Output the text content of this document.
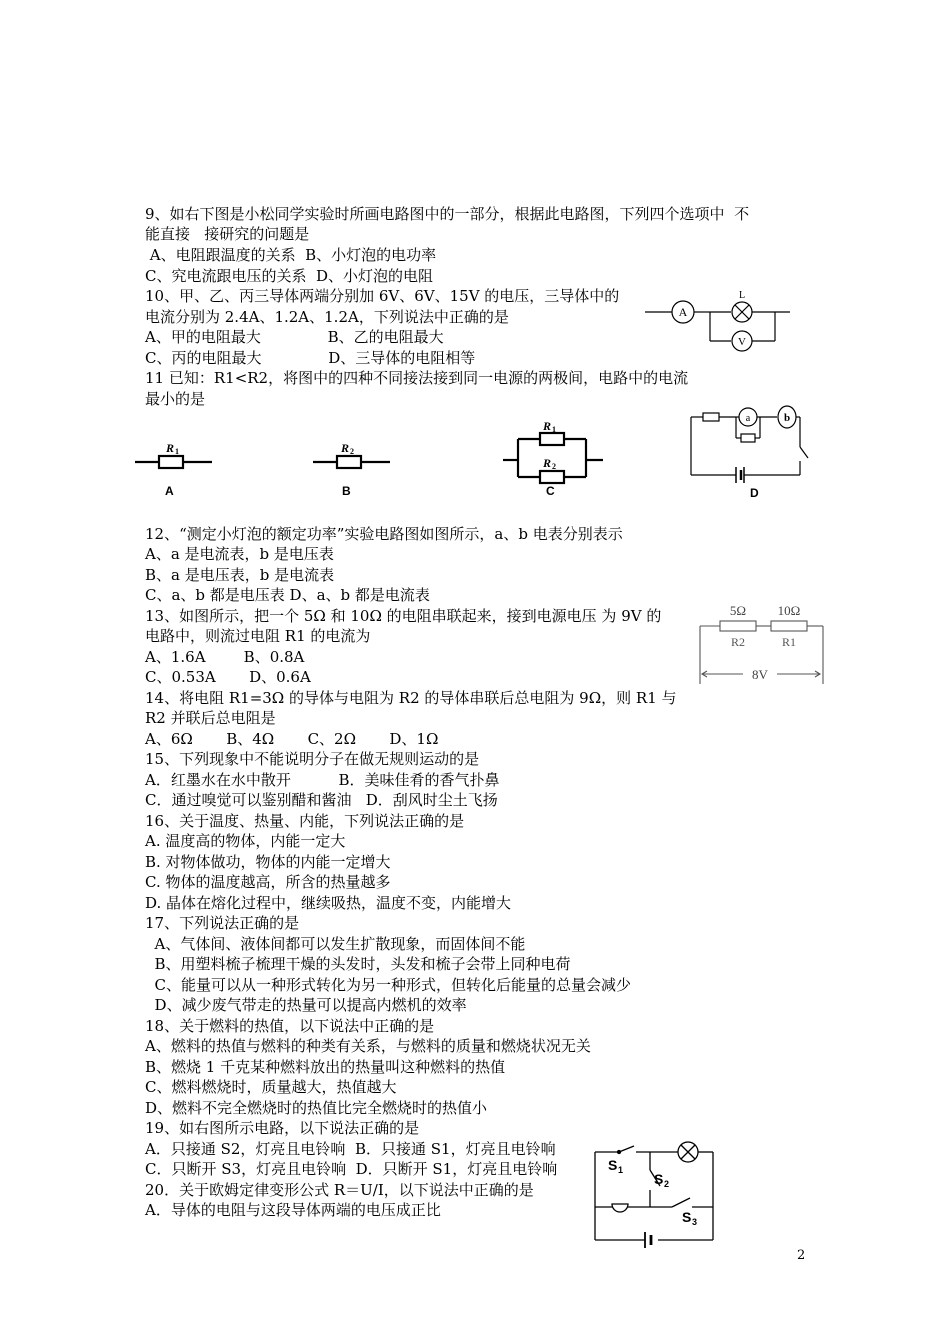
9、如右下图是小松同学实验时所画电路图中的一部分，根据此电路图，下列四个选项中  不
能直接   接研究的问题是
A、电阻跟温度的关系  B、小灯泡的电功率
C、究电流跟电压的关系  D、小灯泡的电阻
10、甲、乙、丙三导体两端分别加 6V、6V、15V 的电压，三导体中的
电流分别为 2.4A、1.2A、1.2A，下列说法中正确的是
A、甲的电阻最大              B、乙的电阻最大
C、丙的电阻最大              D、三导体的电阻相等
11 已知：R1<R2，将图中的四种不同接法接到同一电源的两极间，电路中的电流
最小的是
12、“测定小灯泡的额定功率”实验电路图如图所示，a、b 电表分别表示
A、a 是电流表，b 是电压表
B、a 是电压表，b 是电流表
C、a、b 都是电压表 D、a、b 都是电流表
13、如图所示，把一个 5Ω 和 10Ω 的电阻串联起来，接到电源电压 为 9V 的
电路中，则流过电阻 R1 的电流为
A、1.6A        B、0.8A
C、0.53A       D、0.6A
14、将电阻 R1=3Ω 的导体与电阻为 R2 的导体串联后总电阻为 9Ω，则 R1 与
R2 并联后总电阻是
A、6Ω       B、4Ω       C、2Ω       D、1Ω
15、下列现象中不能说明分子在做无规则运动的是
A．红墨水在水中散开          B．美味佳肴的香气扑鼻
C．通过嗅觉可以鉴别醋和酱油   D．刮风时尘土飞扬
16、关于温度、热量、内能，下列说法正确的是
A. 温度高的物体，内能一定大
B. 对物体做功，物体的内能一定增大
C. 物体的温度越高，所含的热量越多
D. 晶体在熔化过程中，继续吸热，温度不变，内能增大
17、下列说法正确的是
A、气体间、液体间都可以发生扩散现象，而固体间不能
B、用塑料梳子梳理干燥的头发时，头发和梳子会带上同种电荷
C、能量可以从一种形式转化为另一种形式，但转化后能量的总量会减少
D、减少废气带走的热量可以提高内燃机的效率
18、关于燃料的热值，以下说法中正确的是
A、燃料的热值与燃料的种类有关系，与燃料的质量和燃烧状况无关
B、燃烧 1 千克某种燃料放出的热量叫这种燃料的热值
C、燃料燃烧时，质量越大，热值越大
D、燃料不完全燃烧时的热值比完全燃烧时的热值小
19、如右图所示电路，以下说法正确的是
A．只接通 S2，灯亮且电铃响  B．只接通 S1，灯亮且电铃响
C．只断开 S3，灯亮且电铃响  D．只断开 S1，灯亮且电铃响
20．关于欧姆定律变形公式 R＝U/I，以下说法中正确的是
A．导体的电阻与这段导体两端的电压成正比
A
L
V
R 1
A
R 2
B
R 1
R 2
C
a	b
D
5Ω 10Ω
R2	R1
8V
S 1
S 2
S 3
2
